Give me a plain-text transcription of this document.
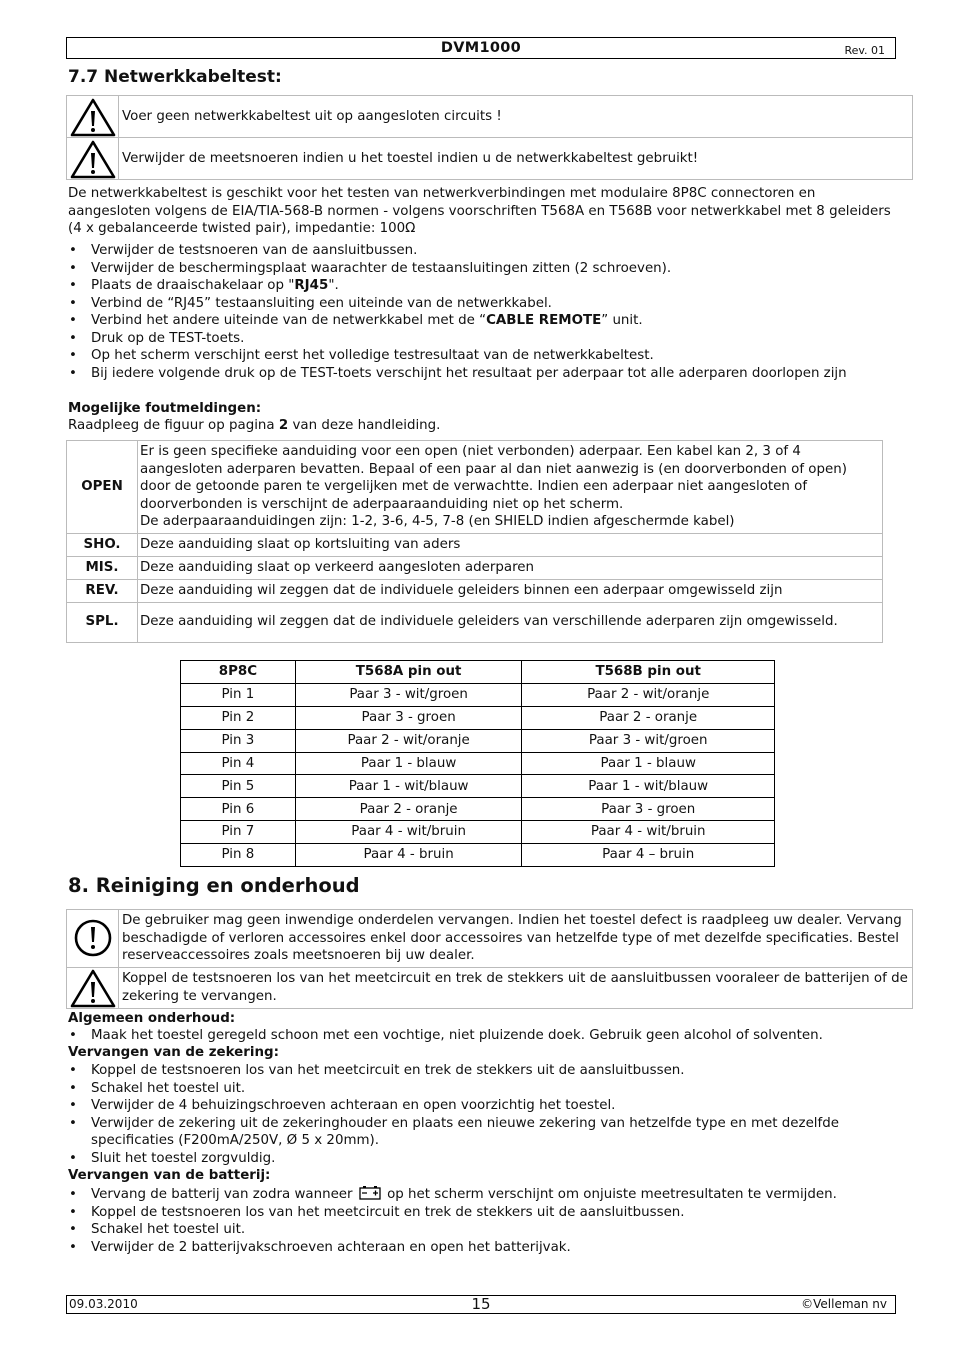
DVM1000	Rev. 01
7.7 Netwerkkabeltest:
	Voer geen netwerkkabeltest uit op aangesloten circuits !

	Verwijder de meetsnoeren indien u het toestel indien u de netwerkkabeltest gebruikt!

De netwerkkabeltest is geschikt voor het testen van netwerkverbindingen met modulaire 8P8C connectoren en aangesloten volgens de EIA/TIA-568-B normen - volgens voorschriften T568A en T568B voor netwerkkabel met 8 geleiders (4 x gebalanceerde twisted pair), impedantie: 100Ω

• Verwijder de testsnoeren van de aansluitbussen.
• Verwijder de beschermingsplaat waarachter de testaansluitingen zitten (2 schroeven).
• Plaats de draaischakelaar op "RJ45".
• Verbind de “RJ45” testaansluiting een uiteinde van de netwerkkabel.
• Verbind het andere uiteinde van de netwerkkabel met de “CABLE REMOTE” unit.
• Druk op de TEST-toets.
• Op het scherm verschijnt eerst het volledige testresultaat van de netwerkkabeltest.
• Bij iedere volgende druk op de TEST-toets verschijnt het resultaat per aderpaar tot alle aderparen doorlopen zijn
Mogelijke foutmeldingen:

Raadpleeg de figuur op pagina 2 van deze handleiding.

OPEN	Er is geen specifieke aanduiding voor een open (niet verbonden) aderpaar. Een kabel kan 2, 3 of 4 aangesloten aderparen bevatten. Bepaal of een paar al dan niet aanwezig is (en doorverbonden of open) door de getoonde paren te vergelijken met de verwachtte. Indien een aderpaar niet aangesloten of doorverbonden is verschijnt de aderpaaraanduiding niet op het scherm.
De aderpaaraanduidingen zijn: 1-2, 3-6, 4-5, 7-8 (en SHIELD indien afgeschermde kabel)

SHO.	Deze aanduiding slaat op kortsluiting van aders
MIS.	Deze aanduiding slaat op verkeerd aangesloten aderparen
REV.	Deze aanduiding wil zeggen dat de individuele geleiders binnen een aderpaar omgewisseld zijn
SPL.	Deze aanduiding wil zeggen dat de individuele geleiders van verschillende aderparen zijn omgewisseld.
8P8C	T568A pin out	T568B pin out
Pin 1	Paar 3 - wit/groen	Paar 2 - wit/oranje
Pin 2	Paar 3 - groen	Paar 2 - oranje
Pin 3	Paar 2 - wit/oranje	Paar 3 - wit/groen
Pin 4	Paar 1 - blauw	Paar 1 - blauw
Pin 5	Paar 1 - wit/blauw	Paar 1 - wit/blauw
Pin 6	Paar 2 - oranje	Paar 3 - groen
Pin 7	Paar 4 - wit/bruin	Paar 4 - wit/bruin
Pin 8	Paar 4 - bruin	Paar 4 – bruin
8. Reiniging en onderhoud
	De gebruiker mag geen inwendige onderdelen vervangen. Indien het toestel defect is raadpleeg uw dealer. Vervang beschadigde of verloren accessoires enkel door accessoires van hetzelfde type of met dezelfde specificaties. Bestel reserveaccessoires zoals meetsnoeren bij uw dealer.

	Koppel de testsnoeren los van het meetcircuit en trek de stekkers uit de aansluitbussen vooraleer de batterijen of de zekering te vervangen.
Algemeen onderhoud:
• Maak het toestel geregeld schoon met een vochtige, niet pluizende doek. Gebruik geen alcohol of solventen.
Vervangen van de zekering:
• Koppel de testsnoeren los van het meetcircuit en trek de stekkers uit de aansluitbussen.
• Schakel het toestel uit.
• Verwijder de 4 behuizingschroeven achteraan en open voorzichtig het toestel.
• Verwijder de zekering uit de zekeringhouder en plaats een nieuwe zekering van hetzelfde type en met dezelfde specificaties (F200mA/250V, Ø 5 x 20mm).
• Sluit het toestel zorgvuldig.
Vervangen van de batterij:
• Vervang de batterij van zodra wanneer  op het scherm verschijnt om onjuiste meetresultaten te vermijden.
• Koppel de testsnoeren los van het meetcircuit en trek de stekkers uit de aansluitbussen.
• Schakel het toestel uit.
• Verwijder de 2 batterijvakschroeven achteraan en open het batterijvak.
09.03.2010	15	©Velleman nv
